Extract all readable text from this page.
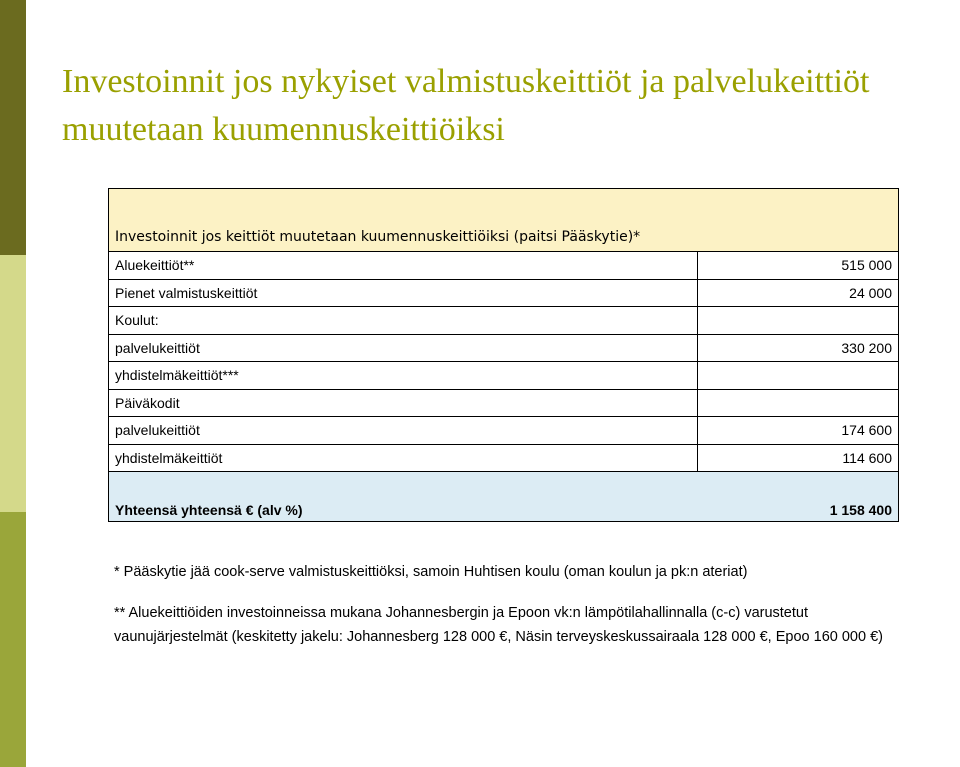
Investoinnit jos nykyiset valmistuskeittiöt ja palvelukeittiöt
muutetaan kuumennuskeittiöiksi
Investoinnit jos keittiöt muutetaan kuumennuskeittiöiksi (paitsi Pääskytie)*	
Aluekeittiöt**	515 000
Pienet valmistuskeittiöt	24 000
Koulut:	
palvelukeittiöt	330 200
yhdistelmäkeittiöt***	
Päiväkodit	
palvelukeittiöt	174 600
yhdistelmäkeittiöt	114 600
Yhteensä yhteensä € (alv %)	1 158 400

* Pääskytie jää cook-serve valmistuskeittiöksi, samoin Huhtisen koulu (oman koulun ja pk:n ateriat)

** Aluekeittiöiden investoinneissa mukana Johannesbergin ja Epoon vk:n lämpötilahallinnalla (c-c) varustetut vaunujärjestelmät (keskitetty jakelu: Johannesberg 128 000 €, Näsin terveyskeskussairaala 128 000 €, Epoo 160 000 €)
